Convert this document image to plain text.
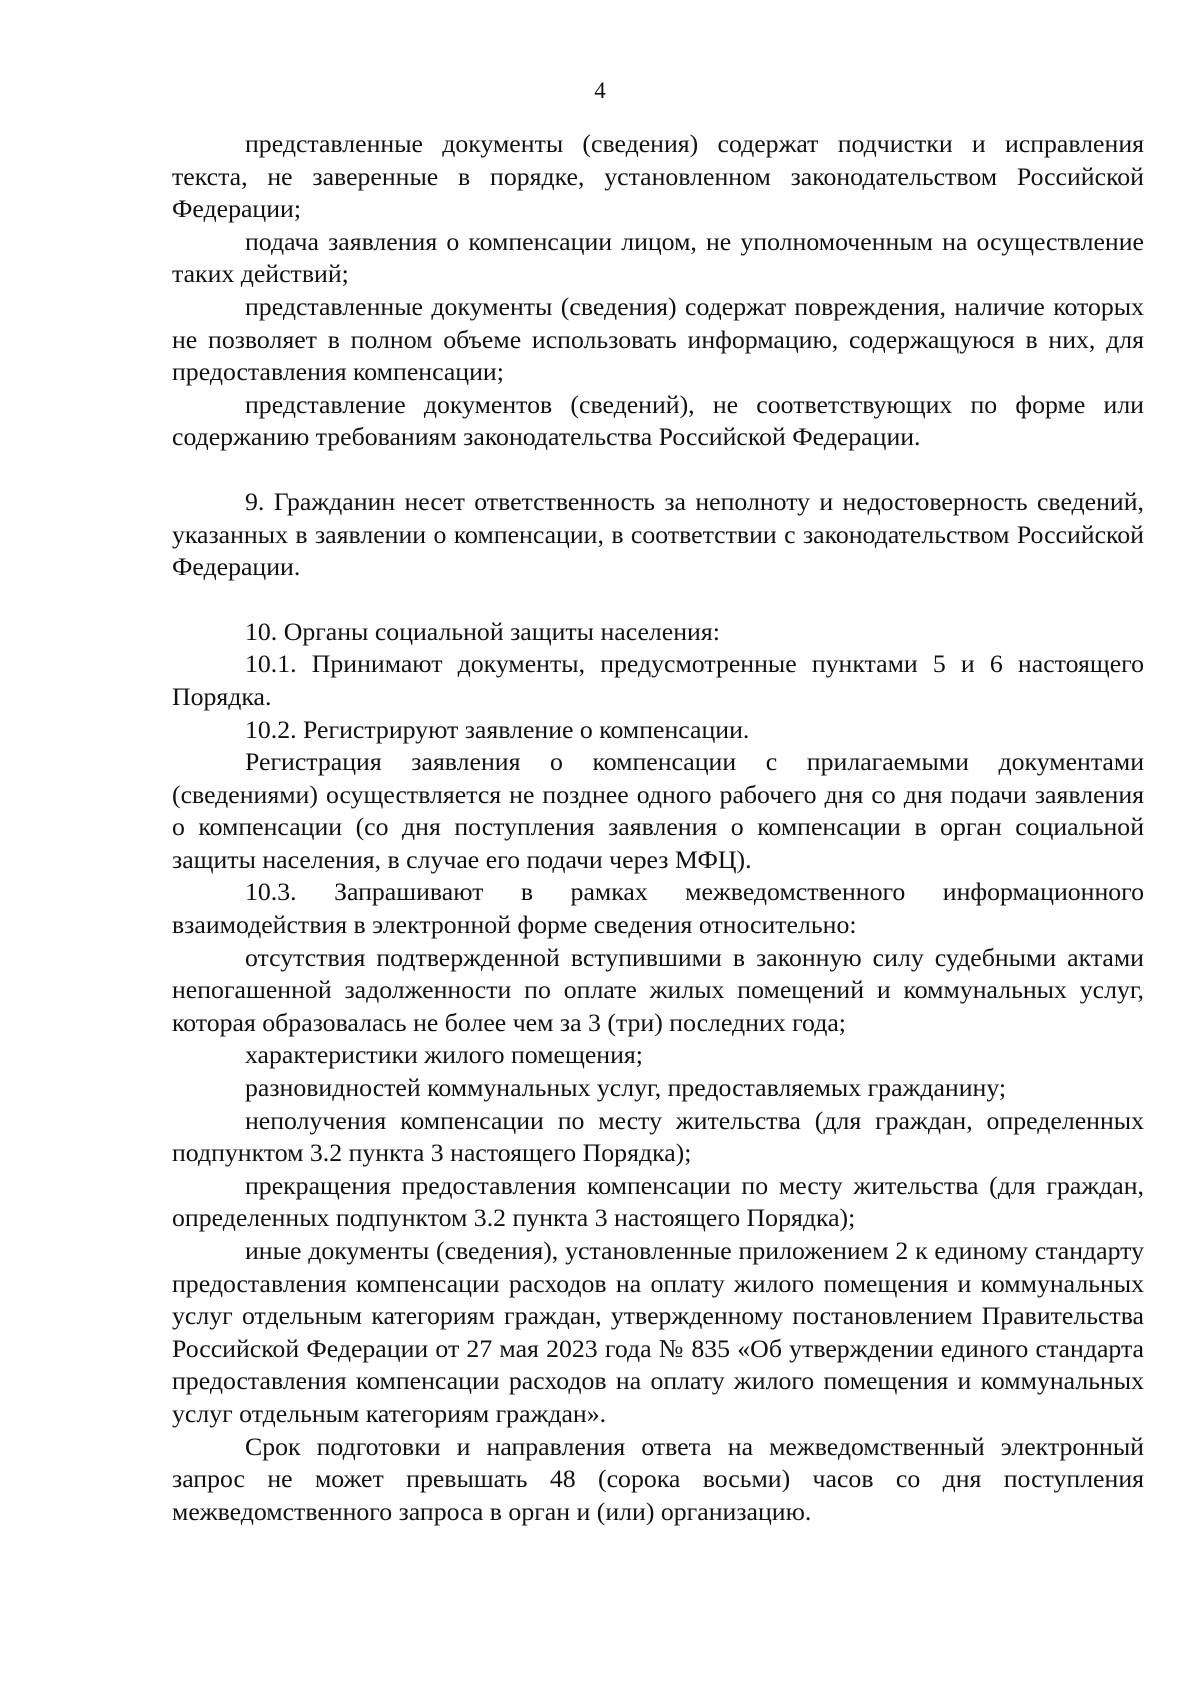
4

представленные документы (сведения) содержат подчистки и исправления текста, не заверенные в порядке, установленном законодательством Российской Федерации;

подача заявления о компенсации лицом, не уполномоченным на осуществление таких действий;

представленные документы (сведения) содержат повреждения, наличие которых не позволяет в полном объеме использовать информацию, содержащуюся в них, для предоставления компенсации;

представление документов (сведений), не соответствующих по форме или содержанию требованиям законодательства Российской Федерации.

9. Гражданин несет ответственность за неполноту и недостоверность сведений, указанных в заявлении о компенсации, в соответствии с законодательством Российской Федерации.

10. Органы социальной защиты населения:

10.1. Принимают документы, предусмотренные пунктами 5 и 6 настоящего Порядка.

10.2. Регистрируют заявление о компенсации.

Регистрация заявления о компенсации с прилагаемыми документами (сведениями) осуществляется не позднее одного рабочего дня со дня подачи заявления о компенсации (со дня поступления заявления о компенсации в орган социальной защиты населения, в случае его подачи через МФЦ).

10.3. Запрашивают в рамках межведомственного информационного взаимодействия в электронной форме сведения относительно:

отсутствия подтвержденной вступившими в законную силу судебными актами непогашенной задолженности по оплате жилых помещений и коммунальных услуг, которая образовалась не более чем за 3 (три) последних года;

характеристики жилого помещения;

разновидностей коммунальных услуг, предоставляемых гражданину;

неполучения компенсации по месту жительства (для граждан, определенных подпунктом 3.2 пункта 3 настоящего Порядка);

прекращения предоставления компенсации по месту жительства (для граждан, определенных подпунктом 3.2 пункта 3 настоящего Порядка);

иные документы (сведения), установленные приложением 2 к единому стандарту предоставления компенсации расходов на оплату жилого помещения и коммунальных услуг отдельным категориям граждан, утвержденному постановлением Правительства Российской Федерации от 27 мая 2023 года № 835 «Об утверждении единого стандарта предоставления компенсации расходов на оплату жилого помещения и коммунальных услуг отдельным категориям граждан».

Срок подготовки и направления ответа на межведомственный электронный запрос не может превышать 48 (сорока восьми) часов со дня поступления межведомственного запроса в орган и (или) организацию.
